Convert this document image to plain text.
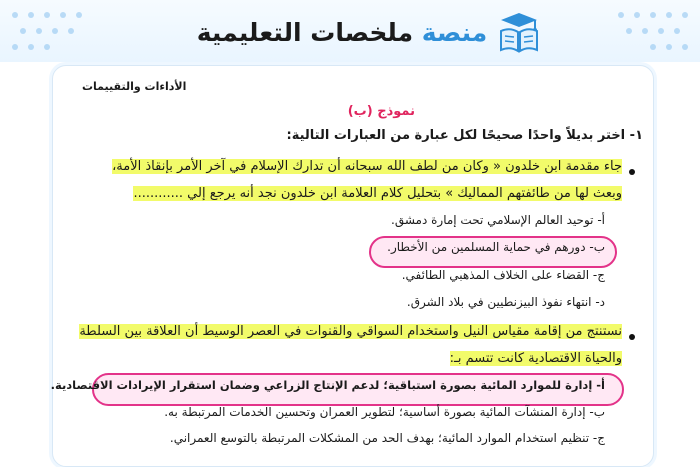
منصة ملخصات التعليمية
الأداءات والتقييمات
نموذج (ب)
١- اختر بديلاً واحدًا صحيحًا لكل عبارة من العبارات التالية:
جاء مقدمة ابن خلدون « وكان من لطف الله سبحانه أن تدارك الإسلام في آخر الأمر بإنقاذ الأمة،
وبعث لها من طائفتهم المماليك » بتحليل كلام العلامة ابن خلدون نجد أنه يرجع إلي ............
أ- توحيد العالم الإسلامي تحت إمارة دمشق.
ب- دورهم في حماية المسلمين من الأخطار.
ج- القضاء على الخلاف المذهبي الطائفي.
د- انتهاء نفوذ البيزنطيين في بلاد الشرق.
نستنتج من إقامة مقياس النيل واستخدام السواقي والقنوات في العصر الوسيط أن العلاقة بين السلطة
والحياة الاقتصادية كانت تتسم بـ:
أ- إدارة للموارد المائية بصورة استباقية؛ لدعم الإنتاج الزراعي وضمان استقرار الإيرادات الاقتصادية.
ب- إدارة المنشآت المائية بصورة أساسية؛ لتطوير العمران وتحسين الخدمات المرتبطة به.
ج- تنظيم استخدام الموارد المائية؛ بهدف الحد من المشكلات المرتبطة بالتوسع العمراني.
